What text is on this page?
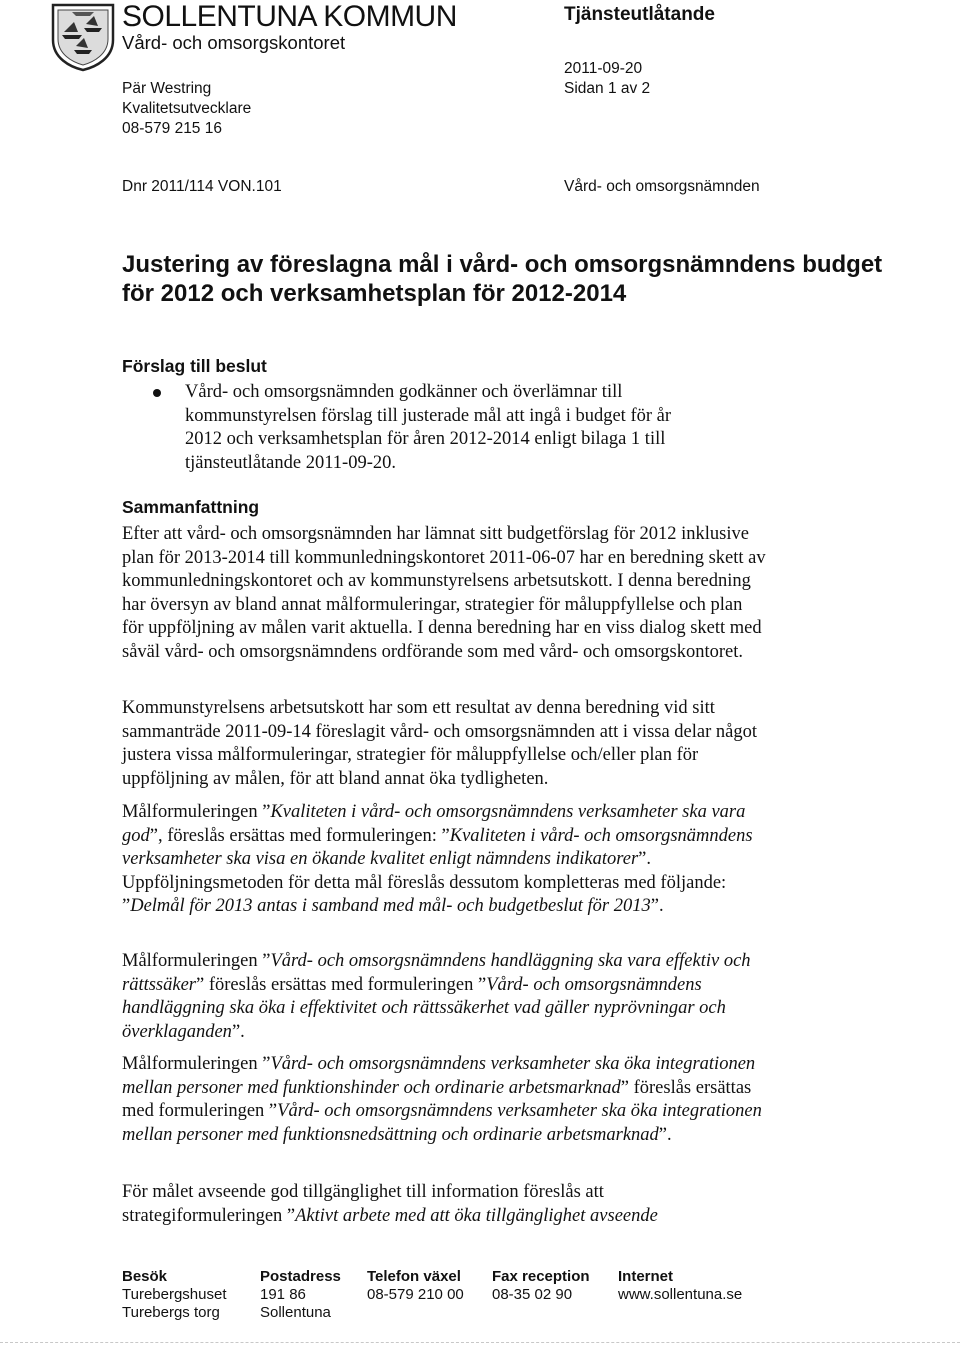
SOLLENTUNA KOMMUN
Vård- och omsorgskontoret
Tjänsteutlåtande
2011-09-20
Sidan 1 av 2
Pär Westring
Kvalitetsutvecklare
08-579 215 16
Dnr 2011/114 VON.101	Vård- och omsorgsnämnden
Justering av föreslagna mål i vård- och omsorgsnämndens budget för 2012 och verksamhetsplan för 2012-2014
Förslag till beslut

Vård- och omsorgsnämnden godkänner och överlämnar till kommunstyrelsen förslag till justerade mål att ingå i budget för år 2012 och verksamhetsplan för åren 2012-2014 enligt bilaga 1 till tjänsteutlåtande 2011-09-20.

Sammanfattning

Efter att vård- och omsorgsnämnden har lämnat sitt budgetförslag för 2012 inklusive plan för 2013-2014 till kommunledningskontoret 2011-06-07 har en beredning skett av kommunledningskontoret och av kommunstyrelsens arbetsutskott. I denna beredning har översyn av bland annat målformuleringar, strategier för måluppfyllelse och plan för uppföljning av målen varit aktuella. I denna beredning har en viss dialog skett med såväl vård- och omsorgsnämndens ordförande som med vård- och omsorgskontoret.

Kommunstyrelsens arbetsutskott har som ett resultat av denna beredning vid sitt sammanträde 2011-09-14 föreslagit vård- och omsorgsnämnden att i vissa delar något justera vissa målformuleringar, strategier för måluppfyllelse och/eller plan för uppföljning av målen, för att bland annat öka tydligheten.

Målformuleringen ”Kvaliteten i vård- och omsorgsnämndens verksamheter ska vara god”, föreslås ersättas med formuleringen: ”Kvaliteten i vård- och omsorgsnämndens verksamheter ska visa en ökande kvalitet enligt nämndens indikatorer”. Uppföljningsmetoden för detta mål föreslås dessutom kompletteras med följande: ”Delmål för 2013 antas i samband med mål- och budgetbeslut för 2013”.

Målformuleringen ”Vård- och omsorgsnämndens handläggning ska vara effektiv och rättssäker” föreslås ersättas med formuleringen ”Vård- och omsorgsnämndens handläggning ska öka i effektivitet och rättssäkerhet vad gäller nyprövningar och överklaganden”.

Målformuleringen ”Vård- och omsorgsnämndens verksamheter ska öka integrationen mellan personer med funktionshinder och ordinarie arbetsmarknad” föreslås ersättas med formuleringen ”Vård- och omsorgsnämndens verksamheter ska öka integrationen mellan personer med funktionsnedsättning och ordinarie arbetsmarknad”.

För målet avseende god tillgänglighet till information föreslås att strategiformuleringen ”Aktivt arbete med att öka tillgänglighet avseende

Besök
Turebergshuset
Turebergs torg
Postadress
191 86
Sollentuna
Telefon växel
08-579 210 00
Fax reception
08-35 02 90
Internet
www.sollentuna.se
